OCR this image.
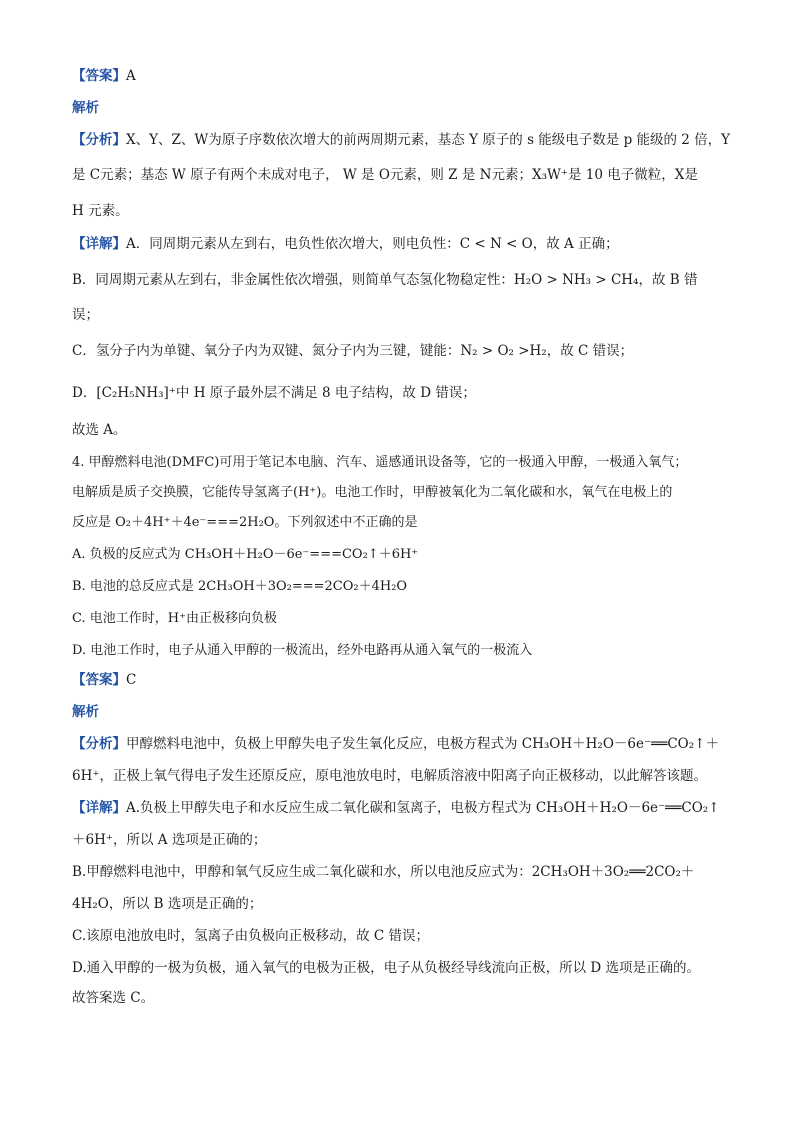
【答案】A
解析
【分析】X、Y、Z、W为原子序数依次增大的前两周期元素，基态 Y 原子的 s 能级电子数是 p 能级的 2 倍，Y
是 C元素；基态 W 原子有两个未成对电子， W 是 O元素，则 Z 是 N元素；X₃W⁺是 10 电子微粒，X是
H 元素。
【详解】A．同周期元素从左到右，电负性依次增大，则电负性：C < N < O，故 A 正确；
B．同周期元素从左到右，非金属性依次增强，则简单气态氢化物稳定性：H₂O > NH₃ > CH₄，故 B 错
误；
C．氢分子内为单键、氧分子内为双键、氮分子内为三键，键能：N₂ > O₂ >H₂，故 C 错误；
D．[C₂H₅NH₃]⁺中 H 原子最外层不满足 8 电子结构，故 D 错误；
故选 A。
4. 甲醇燃料电池(DMFC)可用于笔记本电脑、汽车、遥感通讯设备等，它的一极通入甲醇，一极通入氧气；
电解质是质子交换膜，它能传导氢离子(H⁺)。电池工作时，甲醇被氧化为二氧化碳和水，氧气在电极上的
反应是 O₂＋4H⁺＋4e⁻===2H₂O。下列叙述中不正确的是
A. 负极的反应式为 CH₃OH＋H₂O－6e⁻===CO₂↑＋6H⁺
B. 电池的总反应式是 2CH₃OH＋3O₂===2CO₂＋4H₂O
C. 电池工作时，H⁺由正极移向负极
D. 电池工作时，电子从通入甲醇的一极流出，经外电路再从通入氧气的一极流入
【答案】C
解析
【分析】甲醇燃料电池中，负极上甲醇失电子发生氧化反应，电极方程式为 CH₃OH＋H₂O－6e⁻══CO₂↑＋
6H⁺，正极上氧气得电子发生还原反应，原电池放电时，电解质溶液中阳离子向正极移动，以此解答该题。
【详解】A.负极上甲醇失电子和水反应生成二氧化碳和氢离子，电极方程式为 CH₃OH＋H₂O－6e⁻══CO₂↑
＋6H⁺，所以 A 选项是正确的；
B.甲醇燃料电池中，甲醇和氧气反应生成二氧化碳和水，所以电池反应式为：2CH₃OH＋3O₂══2CO₂＋
4H₂O，所以 B 选项是正确的；
C.该原电池放电时，氢离子由负极向正极移动，故 C 错误；
D.通入甲醇的一极为负极，通入氧气的电极为正极，电子从负极经导线流向正极，所以 D 选项是正确的。
故答案选 C。
